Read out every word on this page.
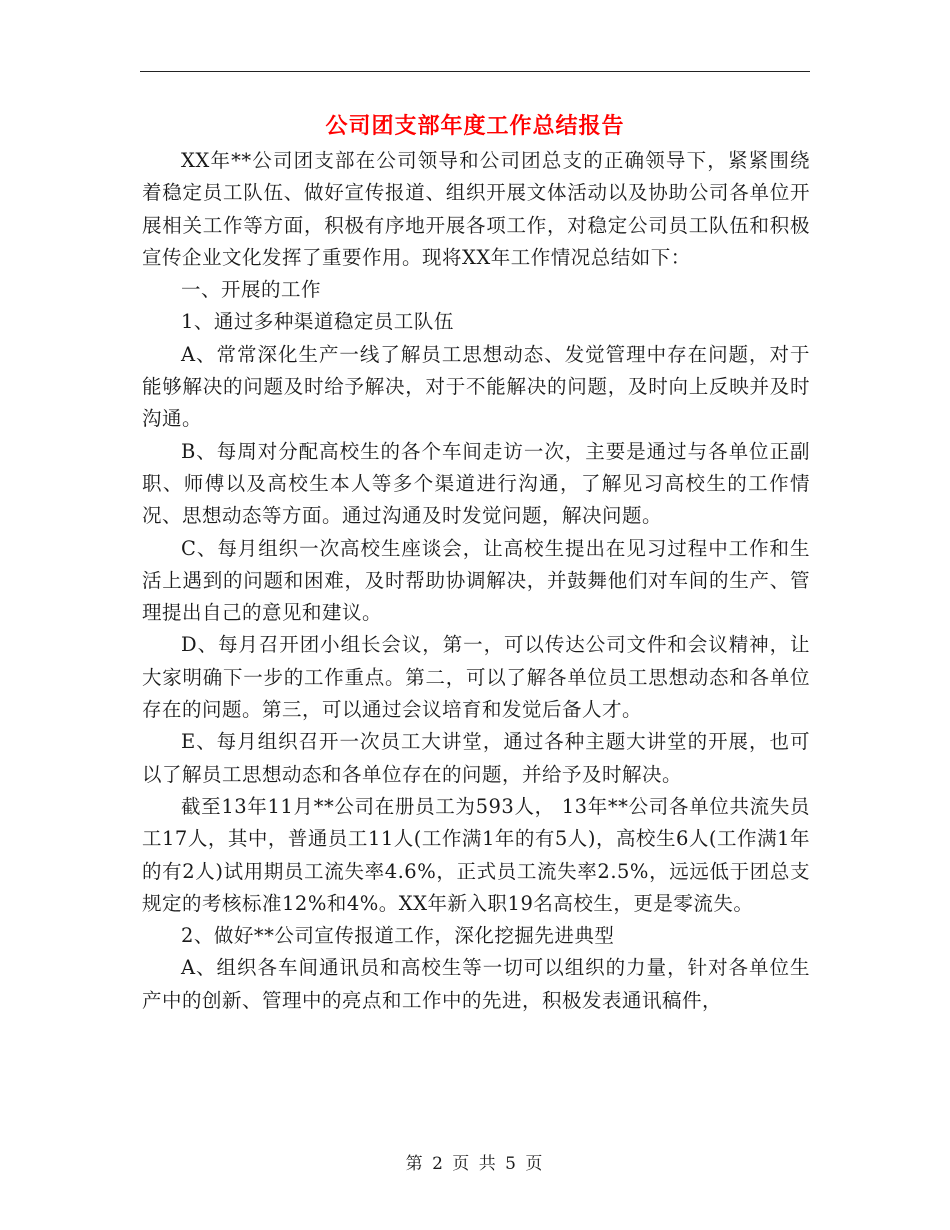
公司团支部年度工作总结报告

XX年**公司团支部在公司领导和公司团总支的正确领导下，紧紧围绕着稳定员工队伍、做好宣传报道、组织开展文体活动以及协助公司各单位开展相关工作等方面，积极有序地开展各项工作，对稳定公司员工队伍和积极宣传企业文化发挥了重要作用。现将XX年工作情况总结如下：

一、开展的工作

1、通过多种渠道稳定员工队伍

A、常常深化生产一线了解员工思想动态、发觉管理中存在问题，对于能够解决的问题及时给予解决，对于不能解决的问题，及时向上反映并及时沟通。

B、每周对分配高校生的各个车间走访一次，主要是通过与各单位正副职、师傅以及高校生本人等多个渠道进行沟通，了解见习高校生的工作情况、思想动态等方面。通过沟通及时发觉问题，解决问题。

C、每月组织一次高校生座谈会，让高校生提出在见习过程中工作和生活上遇到的问题和困难，及时帮助协调解决，并鼓舞他们对车间的生产、管理提出自己的意见和建议。

D、每月召开团小组长会议，第一，可以传达公司文件和会议精神，让大家明确下一步的工作重点。第二，可以了解各单位员工思想动态和各单位存在的问题。第三，可以通过会议培育和发觉后备人才。

E、每月组织召开一次员工大讲堂，通过各种主题大讲堂的开展，也可以了解员工思想动态和各单位存在的问题，并给予及时解决。

截至13年11月**公司在册员工为593人， 13年**公司各单位共流失员工17人，其中，普通员工11人(工作满1年的有5人)，高校生6人(工作满1年的有2人)试用期员工流失率4.6%，正式员工流失率2.5%，远远低于团总支规定的考核标准12%和4%。XX年新入职19名高校生，更是零流失。

2、做好**公司宣传报道工作，深化挖掘先进典型

A、组织各车间通讯员和高校生等一切可以组织的力量，针对各单位生产中的创新、管理中的亮点和工作中的先进，积极发表通讯稿件，

第 2 页 共 5 页
